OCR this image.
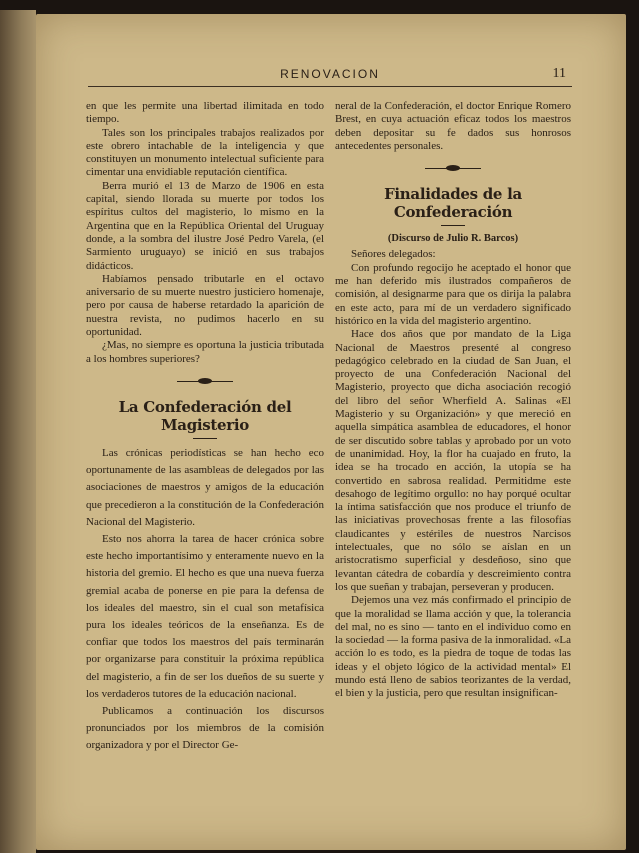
RENOVACION	11

en que les permite una libertad ilimitada en todo tiempo.

Tales son los principales trabajos realizados por este obrero intachable de la inteligencia y que constituyen un monumento intelectual suficiente para cimentar una envidiable reputación científica.

Berra murió el 13 de Marzo de 1906 en esta capital, siendo llorada su muerte por todos los espíritus cultos del magisterio, lo mismo en la Argentina que en la República Oriental del Uruguay donde, a la sombra del ilustre José Pedro Varela, (el Sarmiento uruguayo) se inició en sus trabajos didácticos.

Habíamos pensado tributarle en el octavo aniversario de su muerte nuestro justiciero homenaje, pero por causa de haberse retardado la aparición de nuestra revista, no pudimos hacerlo en su oportunidad.

¿Mas, no siempre es oportuna la justicia tributada a los hombres superiores?

La Confederación del Magisterio

Las crónicas periodísticas se han hecho eco oportunamente de las asambleas de delegados por las asociaciones de maestros y amigos de la educación que precedieron a la constitución de la Confederación Nacional del Magisterio.

Esto nos ahorra la tarea de hacer crónica sobre este hecho importantísimo y enteramente nuevo en la historia del gremio. El hecho es que una nueva fuerza gremial acaba de ponerse en pie para la defensa de los ideales del maestro, sin el cual son metafísica pura los ideales teóricos de la enseñanza. Es de confiar que todos los maestros del país terminarán por organizarse para constituir la próxima república del magisterio, a fin de ser los dueños de su suerte y los verdaderos tutores de la educación nacional.

Publicamos a continuación los discursos pronunciados por los miembros de la comisión organizadora y por el Director Ge-

neral de la Confederación, el doctor Enrique Romero Brest, en cuya actuación eficaz todos los maestros deben depositar su fe dados sus honrosos antecedentes personales.

Finalidades de la Confederación
(Discurso de Julio R. Barcos)

Señores delegados:

Con profundo regocijo he aceptado el honor que me han deferido mis ilustrados compañeros de comisión, al designarme para que os dirija la palabra en este acto, para mí de un verdadero significado histórico en la vida del magisterio argentino.

Hace dos años que por mandato de la Liga Nacional de Maestros presenté al congreso pedagógico celebrado en la ciudad de San Juan, el proyecto de una Confederación Nacional del Magisterio, proyecto que dicha asociación recogió del libro del señor Wherfield A. Salinas «El Magisterio y su Organización» y que mereció en aquella simpática asamblea de educadores, el honor de ser discutido sobre tablas y aprobado por un voto de unanimidad. Hoy, la flor ha cuajado en fruto, la idea se ha trocado en acción, la utopía se ha convertido en sabrosa realidad. Permitidme este desahogo de legítimo orgullo: no hay porqué ocultar la íntima satisfacción que nos produce el triunfo de las iniciativas provechosas frente a las filosofías claudicantes y estériles de nuestros Narcisos intelectuales, que no sólo se aíslan en un aristocratismo superficial y desdeñoso, sino que levantan cátedra de cobardía y descreimiento contra los que sueñan y trabajan, perseveran y producen.

Dejemos una vez más confirmado el principio de que la moralidad se llama acción y que, la tolerancia del mal, no es sino — tanto en el individuo como en la sociedad — la forma pasiva de la inmoralidad. «La acción lo es todo, es la piedra de toque de todas las ideas y el objeto lógico de la actividad mental» El mundo está lleno de sabios teorizantes de la verdad, el bien y la justicia, pero que resultan insignifican-
